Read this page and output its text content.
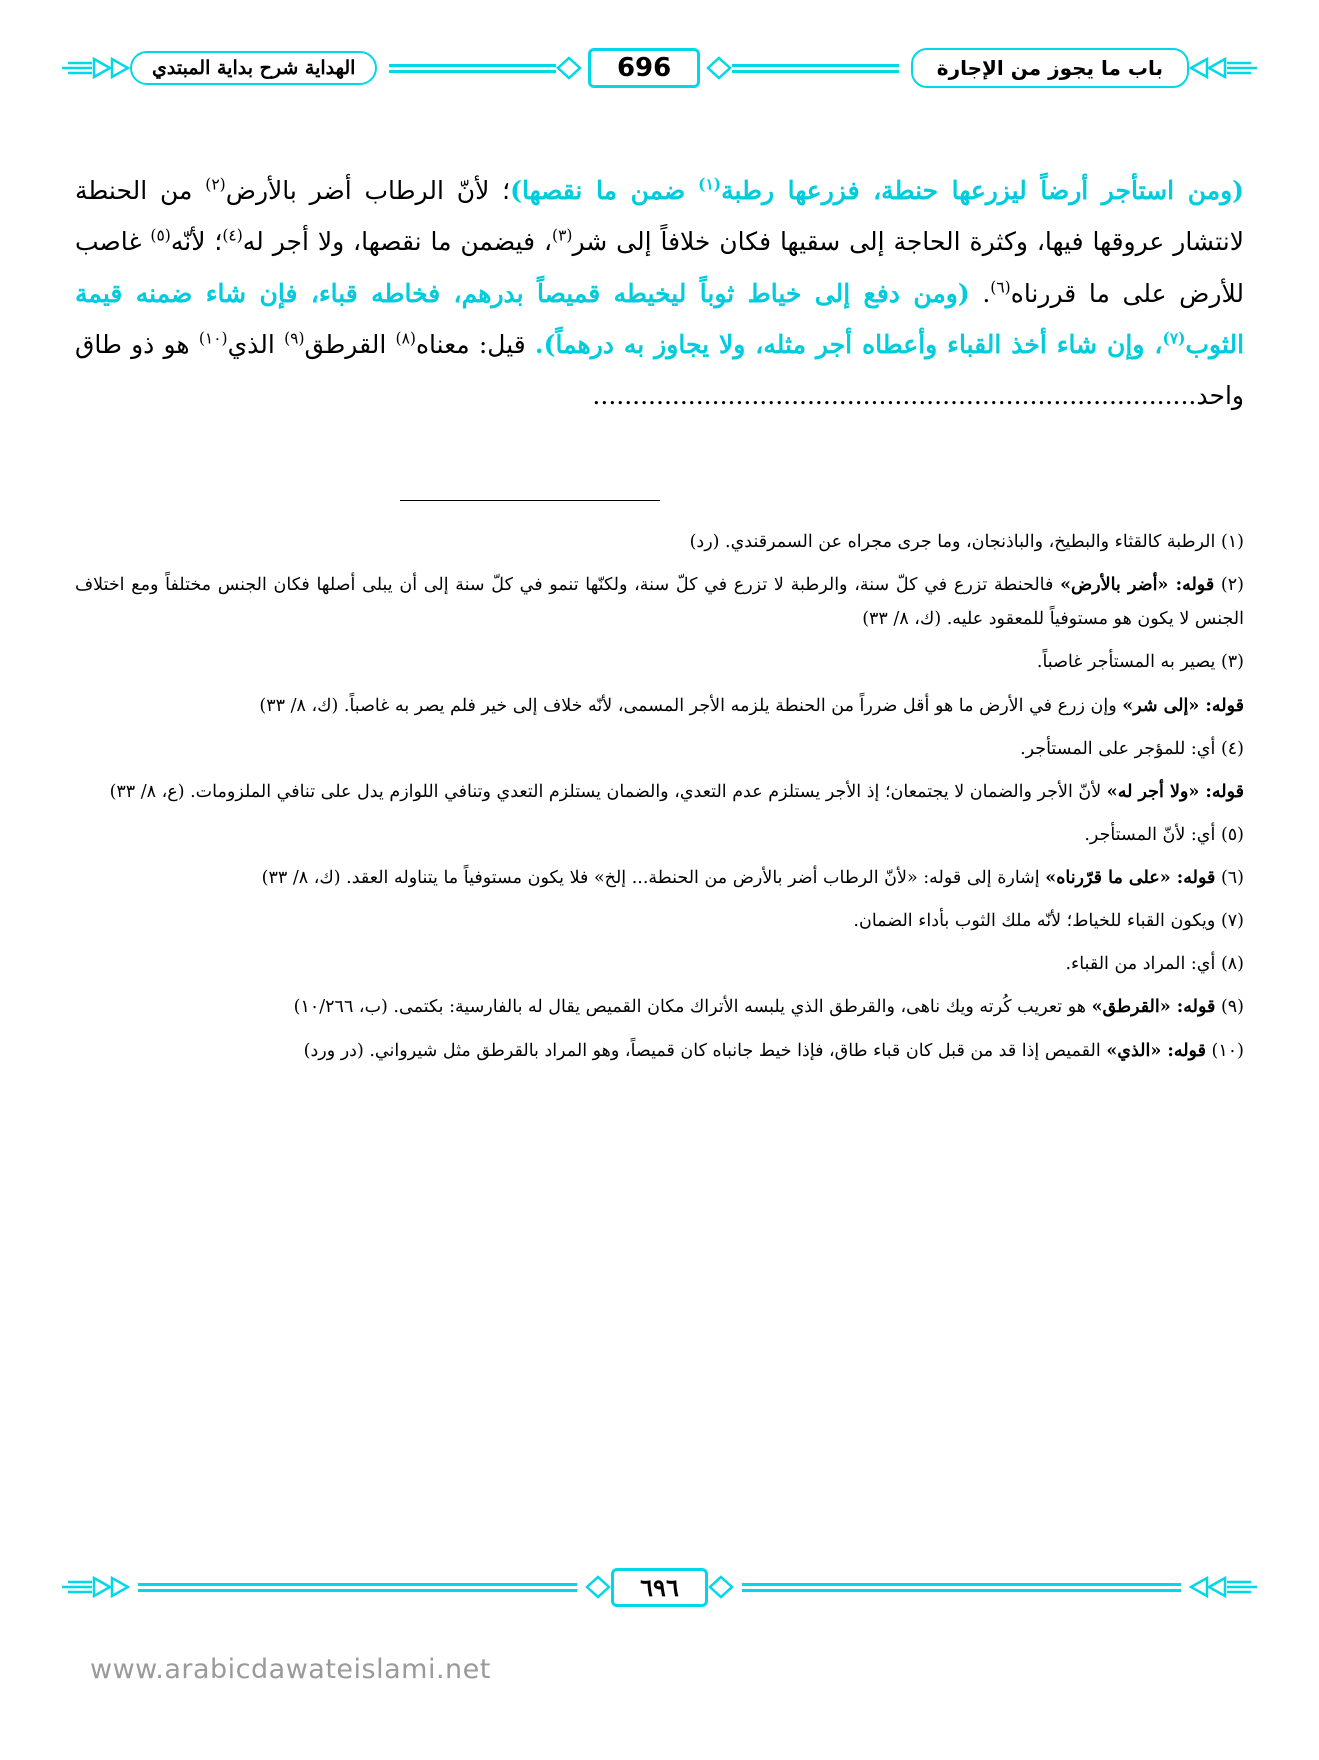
باب ما يجوز من الإجارة
696
الهداية شرح بداية المبتدي

(ومن استأجر أرضاً ليزرعها حنطة، فزرعها رطبة$^{(١)}$ ضمن ما نقصها)؛ لأنّ الرطاب أضر بالأرض$^{(٢)}$ من الحنطة لانتشار عروقها فيها، وكثرة الحاجة إلى سقيها فكان خلافاً إلى شر$^{(٣)}$، فيضمن ما نقصها، ولا أجر له$^{(٤)}$؛ لأنّه$^{(٥)}$ غاصب للأرض على ما قررناه$^{(٦)}$. (ومن دفع إلى خياط ثوباً ليخيطه قميصاً بدرهم، فخاطه قباء، فإن شاء ضمنه قيمة الثوب$^{(٧)}$، وإن شاء أخذ القباء وأعطاه أجر مثله، ولا يجاوز به درهماً). قيل: معناه$^{(٨)}$ القرطق$^{(٩)}$ الذي$^{(١٠)}$ هو ذو طاق واحد............................................................................

(١) الرطبة كالقثاء والبطيخ، والباذنجان، وما جرى مجراه عن السمرقندي. (رد)
(٢) قوله: «أضر بالأرض» فالحنطة تزرع في كلّ سنة، والرطبة لا تزرع في كلّ سنة، ولكنّها تنمو في كلّ سنة إلى أن يبلى أصلها فكان الجنس مختلفاً ومع اختلاف الجنس لا يكون هو مستوفياً للمعقود عليه. (ك، ٨/ ٣٣)
(٣) يصير به المستأجر غاصباً.
قوله: «إلى شر» وإن زرع في الأرض ما هو أقل ضرراً من الحنطة يلزمه الأجر المسمى، لأنّه خلاف إلى خير فلم يصر به غاصباً. (ك، ٨/ ٣٣)
(٤) أي: للمؤجر على المستأجر.
قوله: «ولا أجر له» لأنّ الأجر والضمان لا يجتمعان؛ إذ الأجر يستلزم عدم التعدي، والضمان يستلزم التعدي وتنافي اللوازم يدل على تنافي الملزومات. (ع، ٨/ ٣٣)
(٥) أي: لأنّ المستأجر.
(٦) قوله: «على ما قرّرناه» إشارة إلى قوله: «لأنّ الرطاب أضر بالأرض من الحنطة... إلخ» فلا يكون مستوفياً ما يتناوله العقد. (ك، ٨/ ٣٣)
(٧) ويكون القباء للخياط؛ لأنّه ملك الثوب بأداء الضمان.
(٨) أي: المراد من القباء.
(٩) قوله: «القرطق» هو تعريب كُرته ويك ناهى، والقرطق الذي يلبسه الأتراك مكان القميص يقال له بالفارسية: بكتمى. (ب، ١٠/٢٦٦)
(١٠) قوله: «الذي» القميص إذا قد من قبل كان قباء طاق، فإذا خيط جانباه كان قميصاً، وهو المراد بالقرطق مثل شيرواني. (در ورد)
٦٩٦
www.arabicdawateislami.net
